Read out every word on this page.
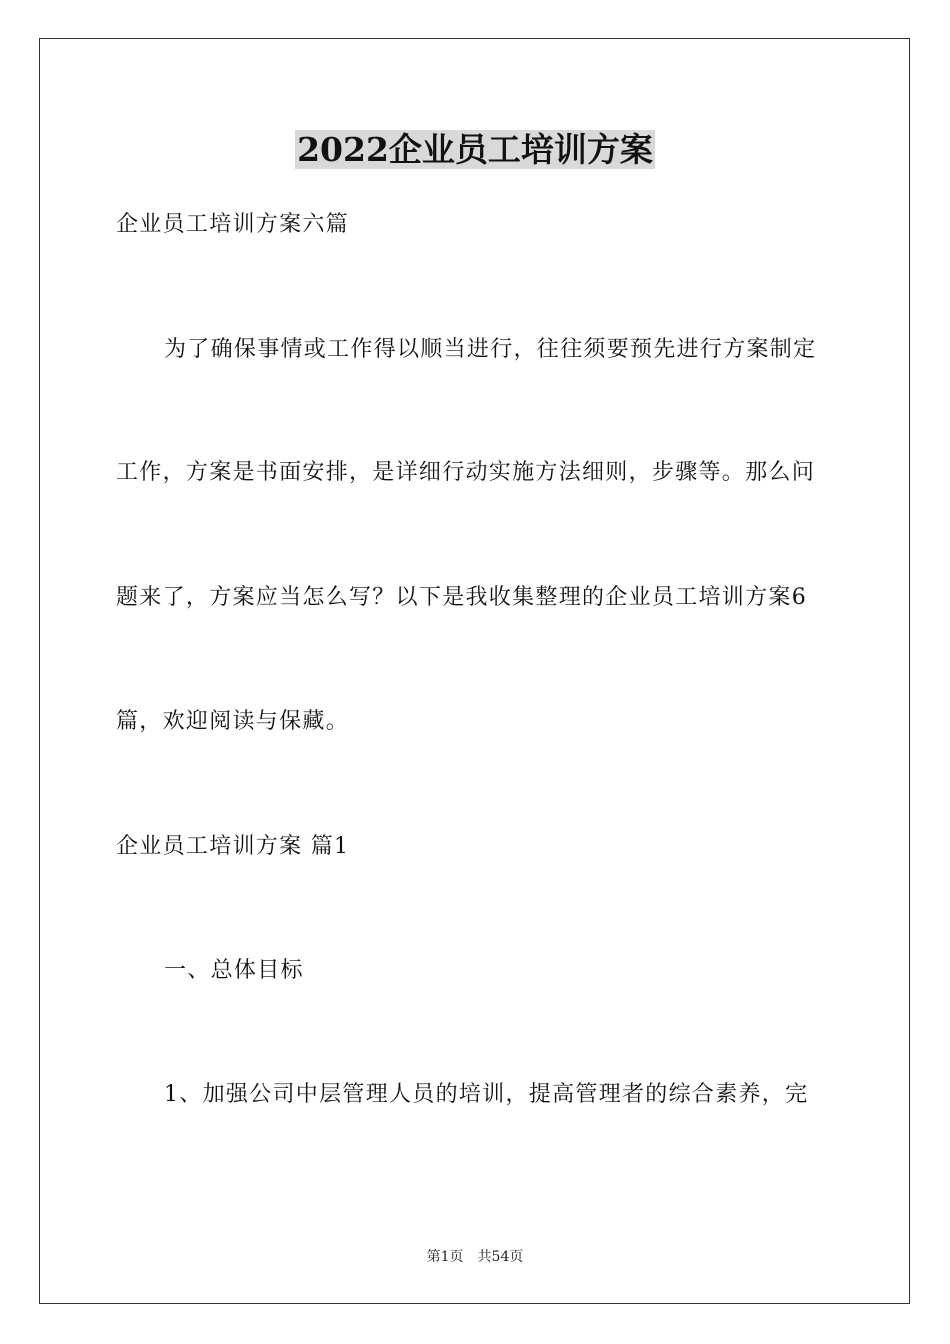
2022企业员工培训方案
企业员工培训方案六篇
为了确保事情或工作得以顺当进行，往往须要预先进行方案制定
工作，方案是书面安排，是详细行动实施方法细则，步骤等。那么问
题来了，方案应当怎么写？以下是我收集整理的企业员工培训方案6
篇，欢迎阅读与保藏。
企业员工培训方案 篇1
一、总体目标
1、加强公司中层管理人员的培训，提高管理者的综合素养，完
第1页 共54页
